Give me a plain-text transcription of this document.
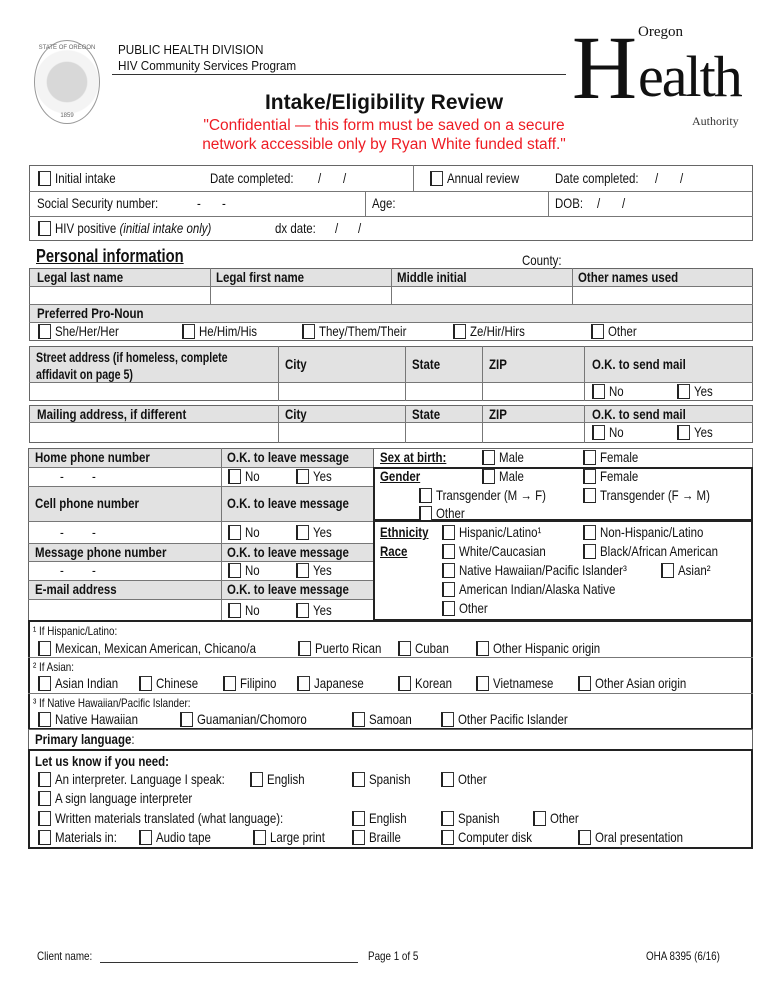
STATE OF OREGON
1859
PUBLIC HEALTH DIVISION
HIV Community Services Program	H Oregon
ealth
Authority
Intake/Eligibility Review
"Confidential — this form must be saved on a secure
network accessible only by Ryan White funded staff."
Initial intake	Date completed: / /	Annual review	Date completed: / /
Social Security number:	- -	Age:	DOB: / /
HIV positive (initial intake only)	dx date: / /
Personal information	County:
Legal last name	Legal first name	Middle initial	Other names used
Preferred Pro-Noun
She/Her/Her	He/Him/His	They/Them/Their	Ze/Hir/Hirs	Other
Street address (if homeless, complete
affidavit on page 5)
City	State	ZIP	O.K. to send mail
No	Yes
Mailing address, if different	City	State	ZIP	O.K. to send mail
No	Yes
Home phone number	O.K. to leave message
- -	No	Yes
Cell phone number	O.K. to leave message
- -	No	Yes
Message phone number	O.K. to leave message
- -	No	Yes
E-mail address	O.K. to leave message
No	Yes
Sex at birth:	Male	Female
Gender	Male	Female
Transgender (M → F)	Transgender (F → M)
Other
Ethnicity Hispanic/Latino¹	Non-Hispanic/Latino
Race	White/Caucasian	Black/African American
Native Hawaiian/Pacific Islander³	Asian²
American Indian/Alaska Native
Other
¹ If Hispanic/Latino:
Mexican, Mexican American, Chicano/a	Puerto Rican Cuban	Other Hispanic origin
² If Asian:
Asian Indian	Chinese	Filipino	Japanese	Korean	Vietnamese	Other Asian origin
³ If Native Hawaiian/Pacific Islander:
Native Hawaiian	Guamanian/Chomoro	Samoan	Other Pacific Islander
Primary language:
Let us know if you need:
An interpreter. Language I speak:	English	Spanish	Other
A sign language interpreter
Written materials translated (what language):	English	Spanish	Other
Materials in:	Audio tape	Large print	Braille	Computer disk	Oral presentation
Client name:	Page 1 of 5	OHA 8395 (6/16)
